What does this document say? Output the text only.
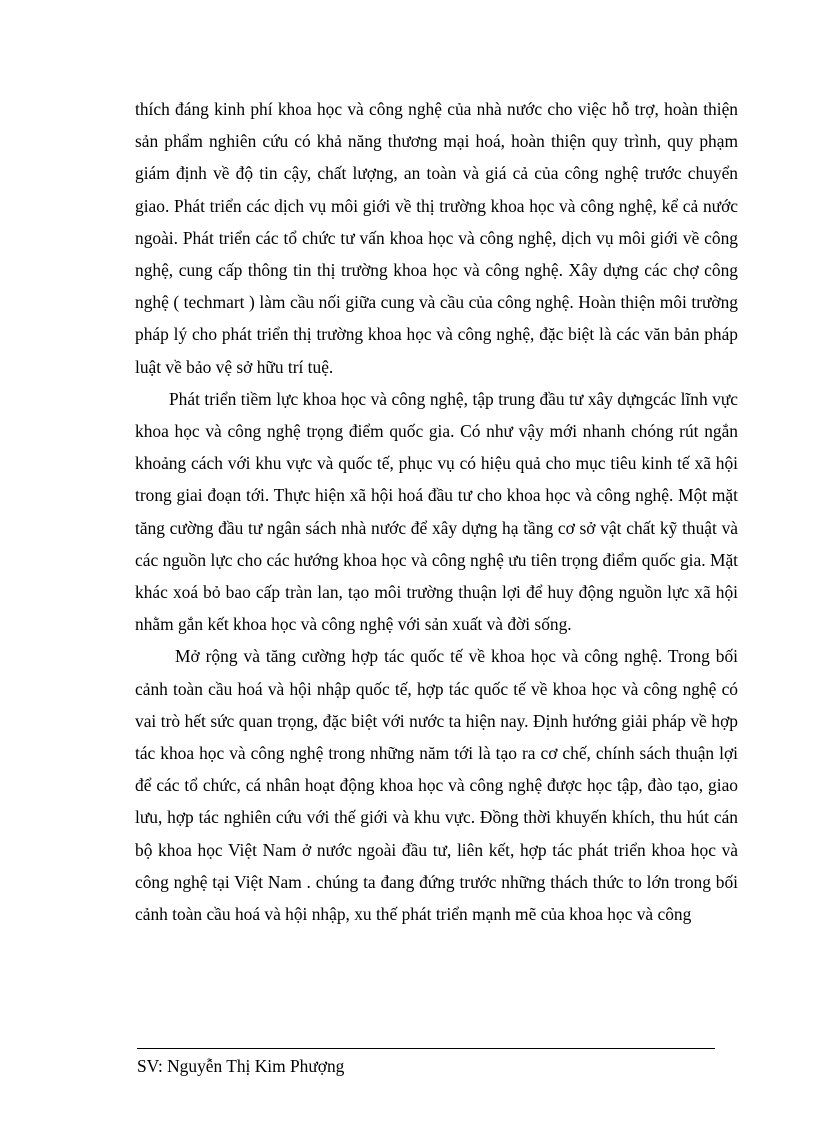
thích đáng kinh phí khoa học và công nghệ của nhà nước cho việc hỗ trợ, hoàn thiện sản phẩm nghiên cứu có khả năng thương mại hoá, hoàn thiện quy trình, quy phạm giám định về độ tin cậy, chất lượng, an toàn và giá cả của công nghệ trước chuyển giao. Phát triển các dịch vụ môi giới về thị trường khoa học và công nghệ, kể cả nước ngoài. Phát triển các tổ chức tư vấn khoa học và công nghệ, dịch vụ môi giới về công nghệ, cung cấp thông tin thị trường khoa học và công nghệ. Xây dựng các chợ công nghệ ( techmart ) làm cầu nối giữa cung và cầu của công nghệ. Hoàn thiện môi trường pháp lý cho phát triển thị trường khoa học và công nghệ, đặc biệt là các văn bản pháp luật về bảo vệ sở hữu trí tuệ.

Phát triển tiềm lực khoa học và công nghệ, tập trung đầu tư xây dựngcác lĩnh vực khoa học và công nghệ trọng điểm quốc gia. Có như vậy mới nhanh chóng rút ngắn khoảng cách với khu vực và quốc tế, phục vụ có hiệu quả cho mục tiêu kinh tế xã hội trong giai đoạn tới. Thực hiện xã hội hoá đầu tư cho khoa học và công nghệ. Một mặt tăng cường đầu tư ngân sách nhà nước để xây dựng hạ tầng cơ sở vật chất kỹ thuật và các nguồn lực cho các hướng khoa học và công nghệ ưu tiên trọng điểm quốc gia. Mặt khác xoá bỏ bao cấp tràn lan, tạo môi trường thuận lợi để huy động nguồn lực xã hội nhằm gắn kết khoa học và công nghệ với sản xuất và đời sống.

Mở rộng và tăng cường hợp tác quốc tế về khoa học và công nghệ. Trong bối cảnh toàn cầu hoá và hội nhập quốc tế, hợp tác quốc tế về khoa học và công nghệ có vai trò hết sức quan trọng, đặc biệt với nước ta hiện nay. Định hướng giải pháp về hợp tác khoa học và công nghệ trong những năm tới là tạo ra cơ chế, chính sách thuận lợi để các tổ chức, cá nhân hoạt động khoa học và công nghệ được học tập, đào tạo, giao lưu, hợp tác nghiên cứu với thế giới và khu vực. Đồng thời khuyến khích, thu hút cán bộ khoa học Việt Nam ở nước ngoài đầu tư, liên kết, hợp tác phát triển khoa học và công nghệ tại Việt Nam . chúng ta đang đứng trước những thách thức to lớn trong bối cảnh toàn cầu hoá và hội nhập, xu thế phát triển mạnh mẽ của khoa học và công

SV: Nguyễn Thị Kim Phượng
